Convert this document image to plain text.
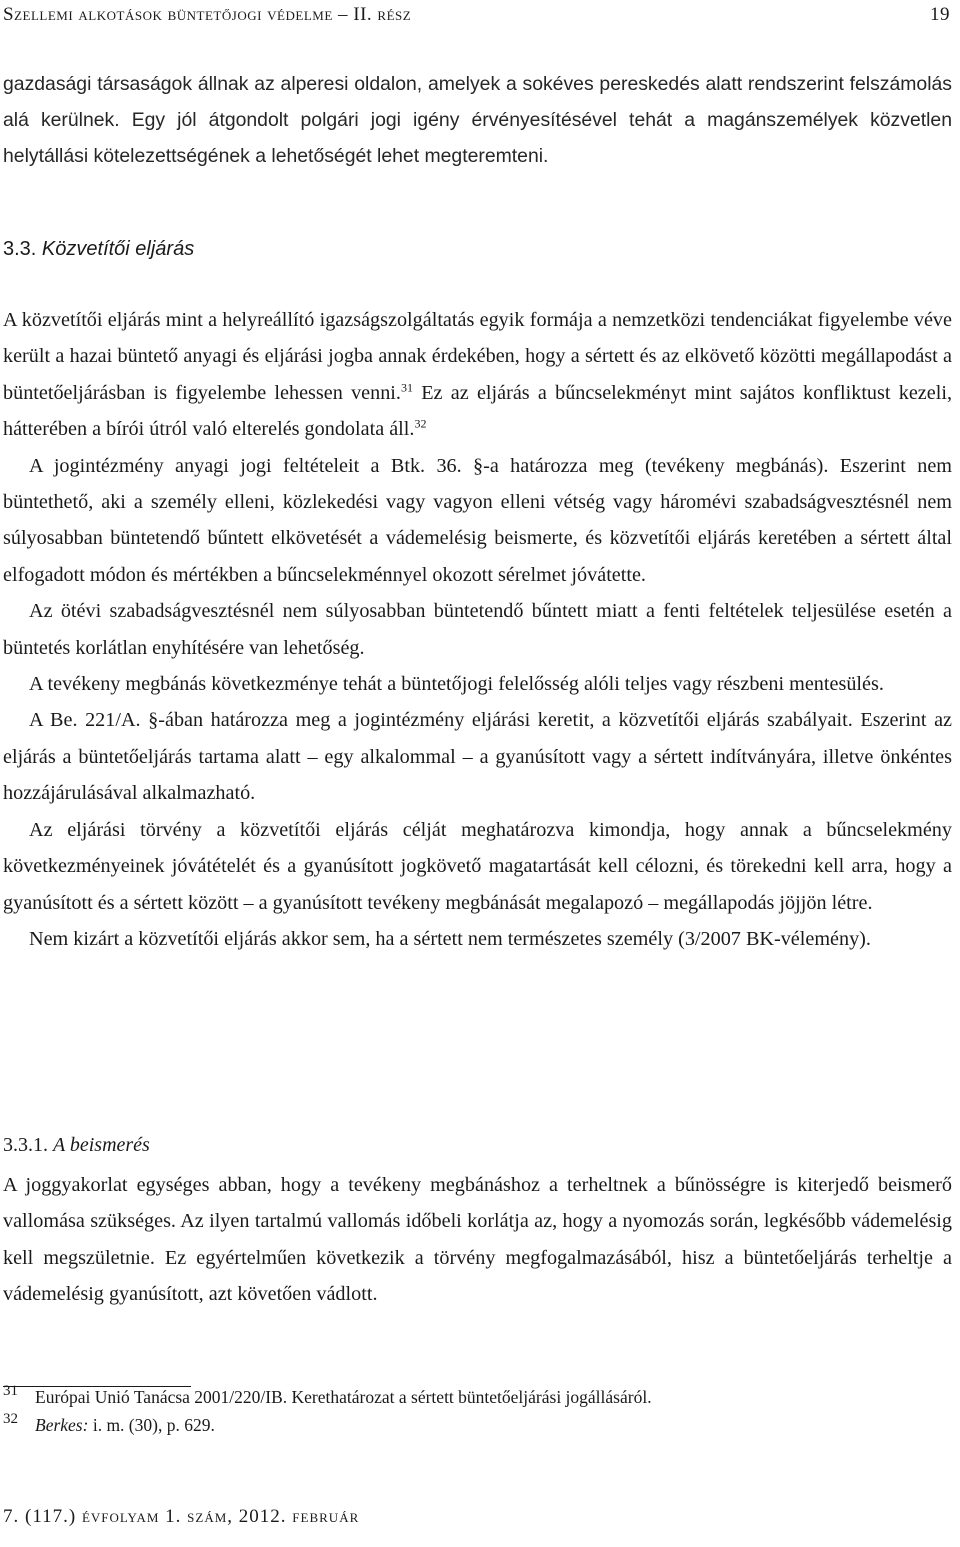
Szellemi alkotások büntetőjogi védelme – II. rész	19

gazdasági társaságok állnak az alperesi oldalon, amelyek a sokéves pereskedés alatt rendszerint felszámolás alá kerülnek. Egy jól átgondolt polgári jogi igény érvényesítésével tehát a magánszemélyek közvetlen helytállási kötelezettségének a lehetőségét lehet megteremteni.

3.3. Közvetítői eljárás

A közvetítői eljárás mint a helyreállító igazságszolgáltatás egyik formája a nemzetközi tendenciákat figyelembe véve került a hazai büntető anyagi és eljárási jogba annak érdekében, hogy a sértett és az elkövető közötti megállapodást a büntetőeljárásban is figyelembe lehessen venni.$^{31}$ Ez az eljárás a bűncselekményt mint sajátos konfliktust kezeli, hátterében a bírói útról való elterelés gondolata áll.$^{32}$

A jogintézmény anyagi jogi feltételeit a Btk. 36. §-a határozza meg (tevékeny megbánás). Eszerint nem büntethető, aki a személy elleni, közlekedési vagy vagyon elleni vétség vagy háromévi szabadságvesztésnél nem súlyosabban büntetendő bűntett elkövetését a vádemelésig beismerte, és közvetítői eljárás keretében a sértett által elfogadott módon és mértékben a bűncselekménnyel okozott sérelmet jóvátette.

Az ötévi szabadságvesztésnél nem súlyosabban büntetendő bűntett miatt a fenti feltételek teljesülése esetén a büntetés korlátlan enyhítésére van lehetőség.

A tevékeny megbánás következménye tehát a büntetőjogi felelősség alóli teljes vagy részbeni mentesülés.

A Be. 221/A. §-ában határozza meg a jogintézmény eljárási keretit, a közvetítői eljárás szabályait. Eszerint az eljárás a büntetőeljárás tartama alatt – egy alkalommal – a gyanúsított vagy a sértett indítványára, illetve önkéntes hozzájárulásával alkalmazható.

Az eljárási törvény a közvetítői eljárás célját meghatározva kimondja, hogy annak a bűncselekmény következményeinek jóvátételét és a gyanúsított jogkövető magatartását kell célozni, és törekedni kell arra, hogy a gyanúsított és a sértett között – a gyanúsított tevékeny megbánását megalapozó – megállapodás jöjjön létre.

Nem kizárt a közvetítői eljárás akkor sem, ha a sértett nem természetes személy (3/2007 BK-vélemény).

3.3.1. A beismerés

A joggyakorlat egységes abban, hogy a tevékeny megbánáshoz a terheltnek a bűnösségre is kiterjedő beismerő vallomása szükséges. Az ilyen tartalmú vallomás időbeli korlátja az, hogy a nyomozás során, legkésőbb vádemelésig kell megszületnie. Ez egyértelműen következik a törvény megfogalmazásából, hisz a büntetőeljárás terheltje a vádemelésig gyanúsított, azt követően vádlott.

31 Európai Unió Tanácsa 2001/220/IB. Kerethatározat a sértett büntetőeljárási jogállásáról.
32 Berkes: i. m. (30), p. 629.
7. (117.) évfolyam 1. szám, 2012. február
